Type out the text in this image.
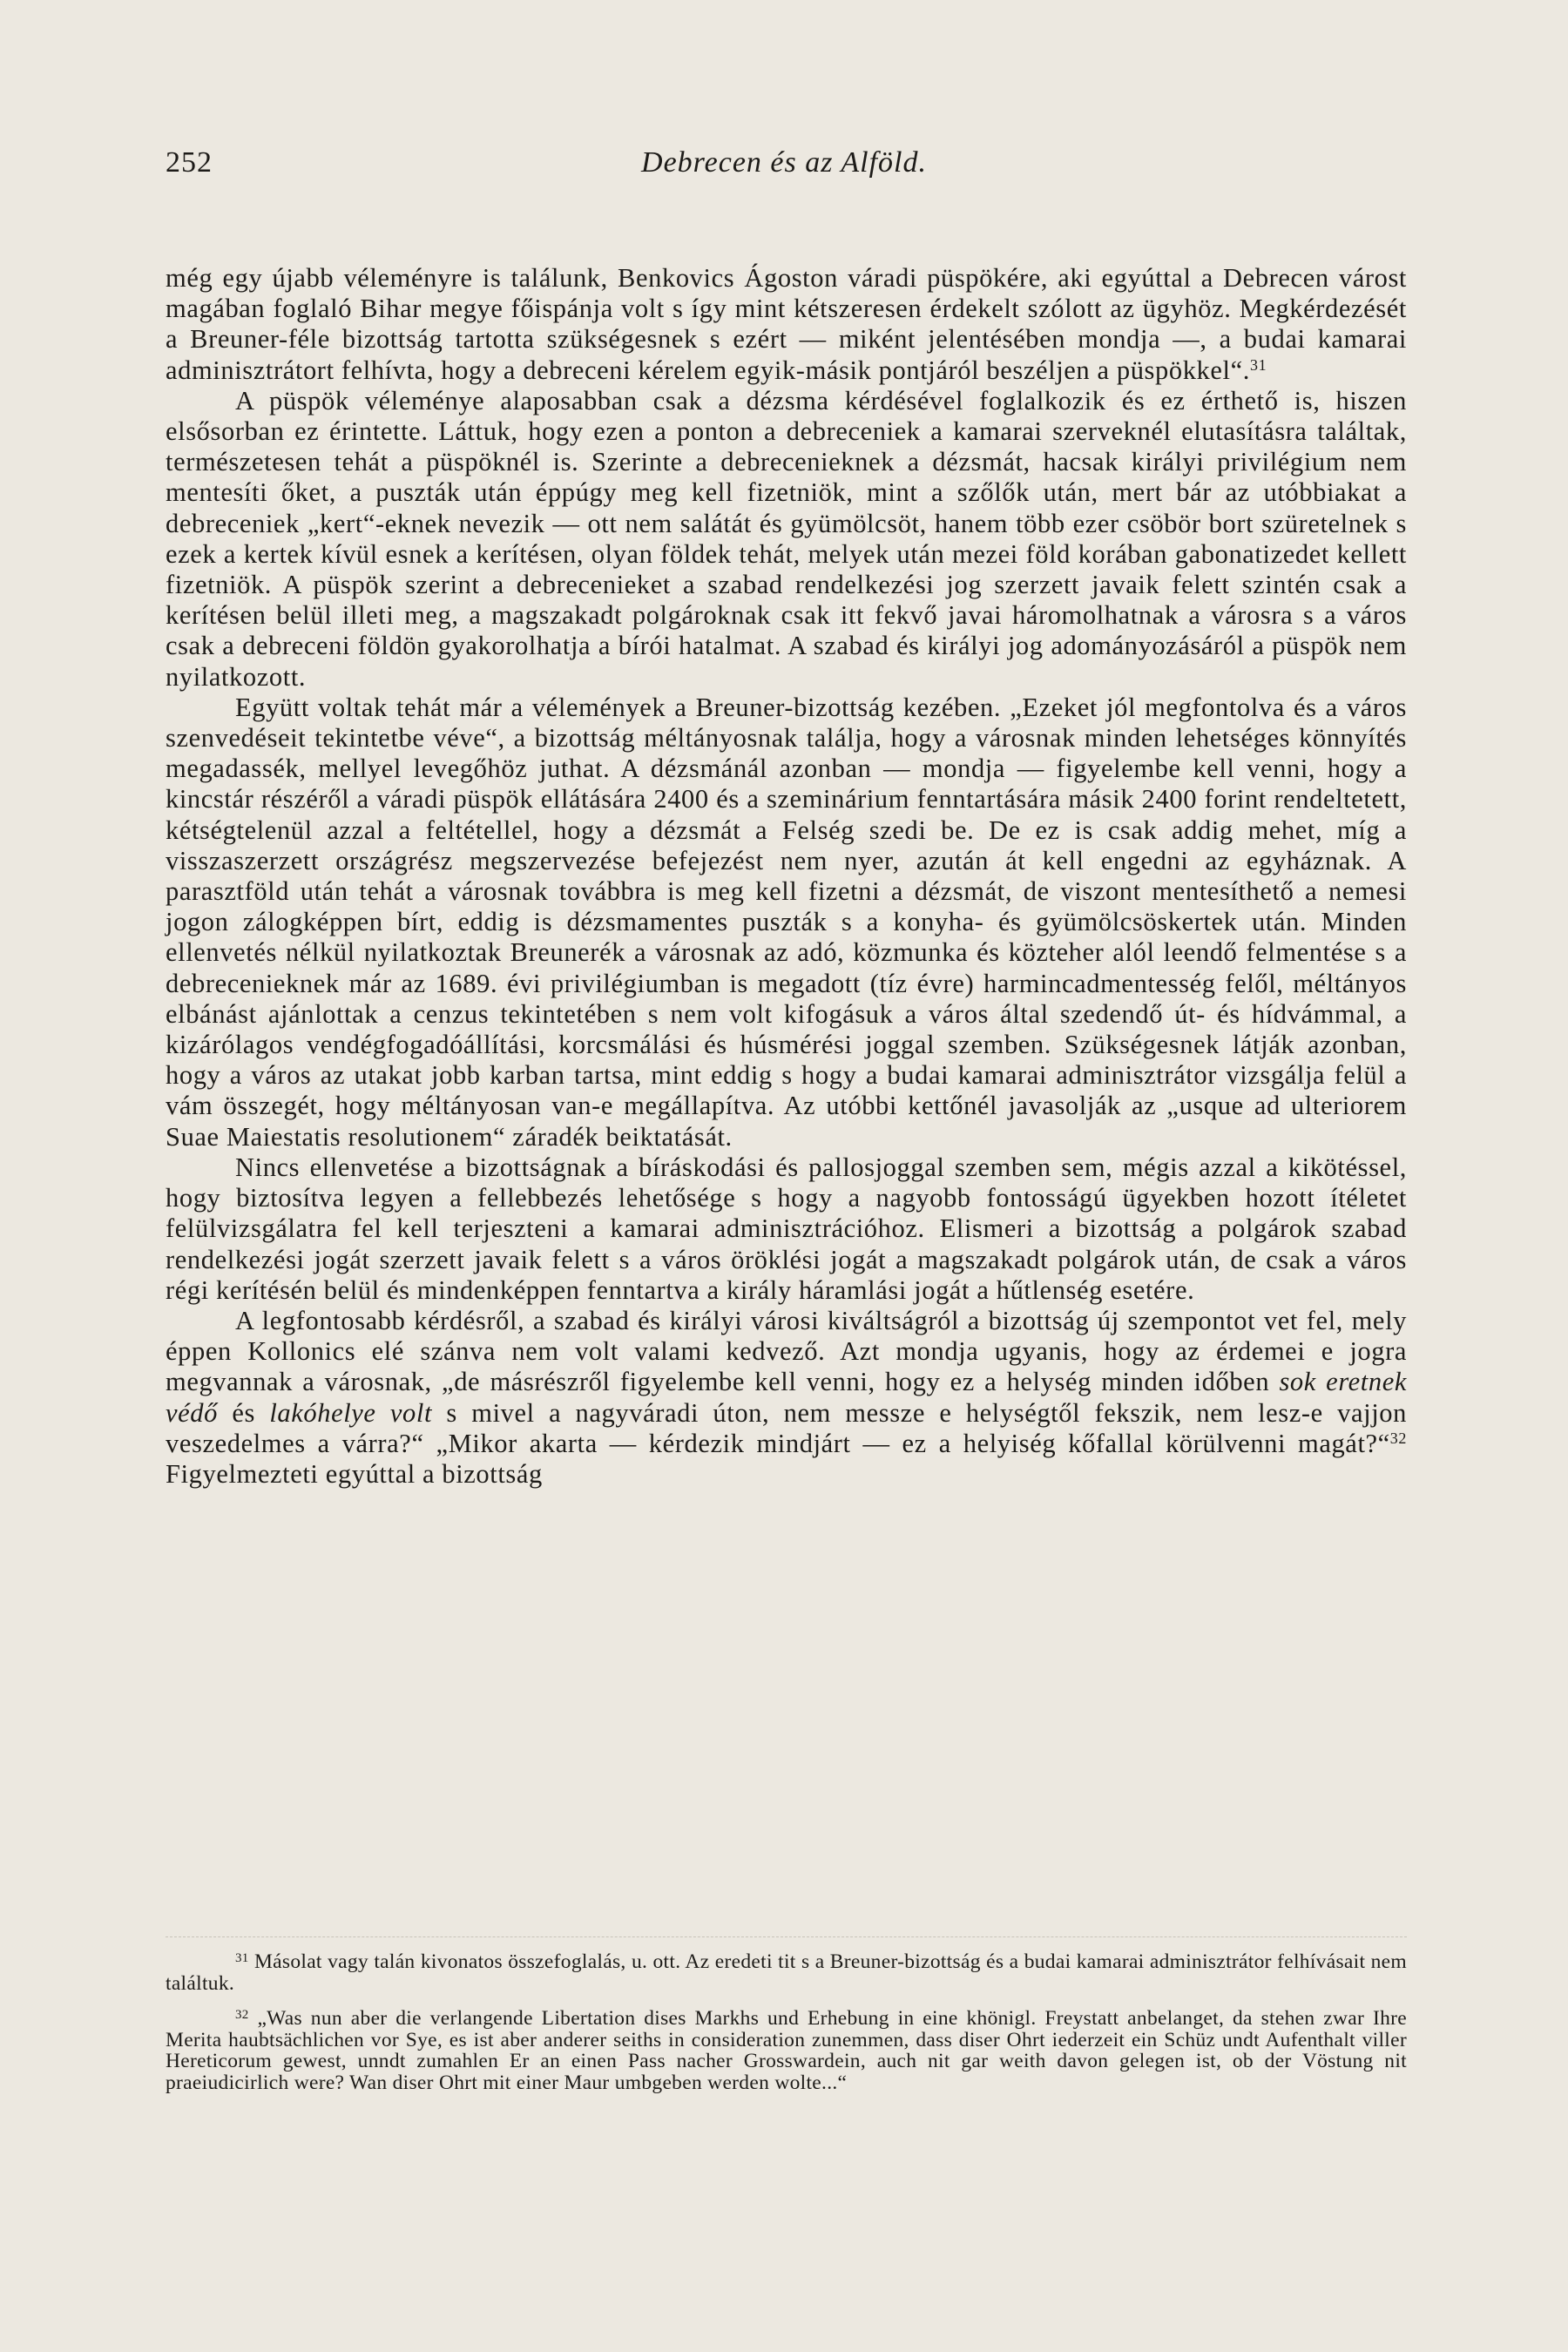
252	Debrecen és az Alföld.

még egy újabb véleményre is találunk, Benkovics Ágoston váradi püspökére, aki egyúttal a Debrecen várost magában foglaló Bihar megye főispánja volt s így mint kétszeresen érdekelt szólott az ügyhöz. Megkérdezését a Breuner-féle bizottság tartotta szükségesnek s ezért — miként jelentésében mondja —, a budai kamarai adminisztrátort felhívta, hogy a debreceni kérelem egyik-másik pontjáról beszéljen a püspökkel“.$^{31}$

A püspök véleménye alaposabban csak a dézsma kérdésével foglalkozik és ez érthető is, hiszen elsősorban ez érintette. Láttuk, hogy ezen a ponton a debreceniek a kamarai szerveknél elutasításra találtak, természetesen tehát a püspöknél is. Szerinte a debrecenieknek a dézsmát, hacsak királyi privilégium nem mentesíti őket, a puszták után éppúgy meg kell fizetniök, mint a szőlők után, mert bár az utóbbiakat a debreceniek „kert“-eknek nevezik — ott nem salátát és gyümölcsöt, hanem több ezer csöbör bort szüretelnek s ezek a kertek kívül esnek a kerítésen, olyan földek tehát, melyek után mezei föld korában gabonatizedet kellett fizetniök. A püspök szerint a debrecenieket a szabad rendelkezési jog szerzett javaik felett szintén csak a kerítésen belül illeti meg, a magszakadt polgároknak csak itt fekvő javai háromolhatnak a városra s a város csak a debreceni földön gyakorolhatja a bírói hatalmat. A szabad és királyi jog adományozásáról a püspök nem nyilatkozott.

Együtt voltak tehát már a vélemények a Breuner-bizottság kezében. „Ezeket jól megfontolva és a város szenvedéseit tekintetbe véve“, a bizottság méltányosnak találja, hogy a városnak minden lehetséges könnyítés megadassék, mellyel levegőhöz juthat. A dézsmánál azonban — mondja — figyelembe kell venni, hogy a kincstár részéről a váradi püspök ellátására 2400 és a szeminárium fenntartására másik 2400 forint rendeltetett, kétségtelenül azzal a feltétellel, hogy a dézsmát a Felség szedi be. De ez is csak addig mehet, míg a visszaszerzett országrész megszervezése befejezést nem nyer, azután át kell engedni az egyháznak. A parasztföld után tehát a városnak továbbra is meg kell fizetni a dézsmát, de viszont mentesíthető a nemesi jogon zálogképpen bírt, eddig is dézsmamentes puszták s a konyha- és gyümölcsöskertek után. Minden ellenvetés nélkül nyilatkoztak Breunerék a városnak az adó, közmunka és közteher alól leendő felmentése s a debrecenieknek már az 1689. évi privilégiumban is megadott (tíz évre) harmincadmentesség felől, méltányos elbánást ajánlottak a cenzus tekintetében s nem volt kifogásuk a város által szedendő út- és hídvámmal, a kizárólagos vendégfogadóállítási, korcsmálási és húsmérési joggal szemben. Szükségesnek látják azonban, hogy a város az utakat jobb karban tartsa, mint eddig s hogy a budai kamarai adminisztrátor vizsgálja felül a vám összegét, hogy méltányosan van-e megállapítva. Az utóbbi kettőnél javasolják az „usque ad ulteriorem Suae Maiestatis resolutionem“ záradék beiktatását.

Nincs ellenvetése a bizottságnak a bíráskodási és pallosjoggal szemben sem, mégis azzal a kikötéssel, hogy biztosítva legyen a fellebbezés lehetősége s hogy a nagyobb fontosságú ügyekben hozott ítéletet felülvizsgálatra fel kell terjeszteni a kamarai adminisztrációhoz. Elismeri a bizottság a polgárok szabad rendelkezési jogát szerzett javaik felett s a város öröklési jogát a magszakadt polgárok után, de csak a város régi kerítésén belül és mindenképpen fenntartva a király háramlási jogát a hűtlenség esetére.

A legfontosabb kérdésről, a szabad és királyi városi kiváltságról a bizottság új szempontot vet fel, mely éppen Kollonics elé szánva nem volt valami kedvező. Azt mondja ugyanis, hogy az érdemei e jogra megvannak a városnak, „de másrészről figyelembe kell venni, hogy ez a helység minden időben sok eretnek védő és lakóhelye volt s mivel a nagyváradi úton, nem messze e helységtől fekszik, nem lesz-e vajjon veszedelmes a várra?“ „Mikor akarta — kérdezik mindjárt — ez a helyiség kőfallal körülvenni magát?“$^{32}$ Figyelmezteti egyúttal a bizottság

$^{31}$ Másolat vagy talán kivonatos összefoglalás, u. ott. Az eredeti tit s a Breuner-bizottság és a budai kamarai adminisztrátor felhívásait nem találtuk.

$^{32}$ „Was nun aber die verlangende Libertation dises Markhs und Erhebung in eine khönigl. Freystatt anbelanget, da stehen zwar Ihre Merita haubtsächlichen vor Sye, es ist aber anderer seiths in consideration zunemmen, dass diser Ohrt iederzeit ein Schüz undt Aufenthalt viller Hereticorum gewest, unndt zumahlen Er an einen Pass nacher Grosswardein, auch nit gar weith davon gelegen ist, ob der Vöstung nit praeiudicirlich were? Wan diser Ohrt mit einer Maur umbgeben werden wolte...“
